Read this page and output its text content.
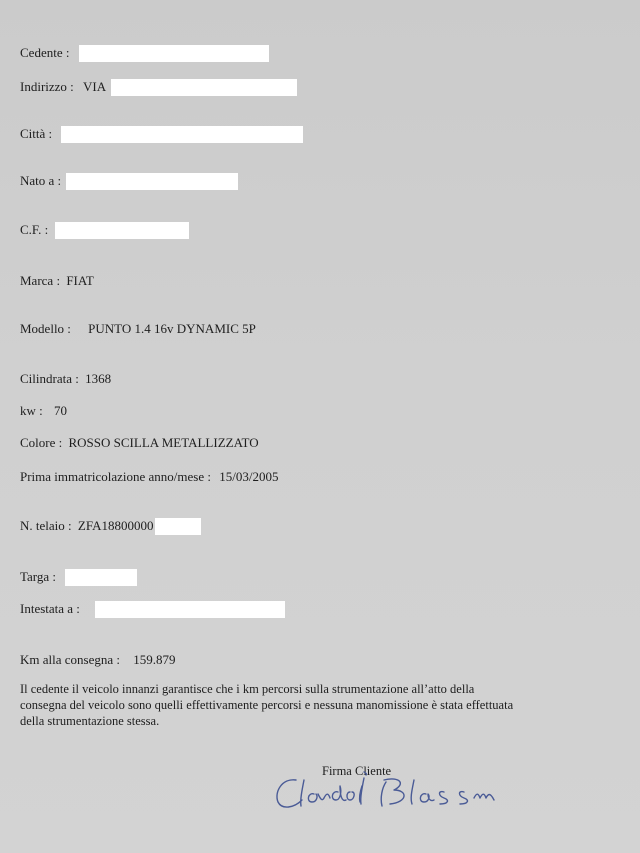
Cedente :
Indirizzo : VIA
Città :
Nato a :
C.F. :
Marca : FIAT
Modello : PUNTO 1.4 16v DYNAMIC 5P
Cilindrata : 1368
kw : 70
Colore : ROSSO SCILLA METALLIZZATO
Prima immatricolazione anno/mese : 15/03/2005
N. telaio : ZFA18800000
Targa :
Intestata a :
Km alla consegna : 159.879
Il cedente il veicolo innanzi garantisce che i km percorsi sulla strumentazione all’atto della
consegna del veicolo sono quelli effettivamente percorsi e nessuna manomissione è stata effettuata
della strumentazione stessa.
Firma Cliente
